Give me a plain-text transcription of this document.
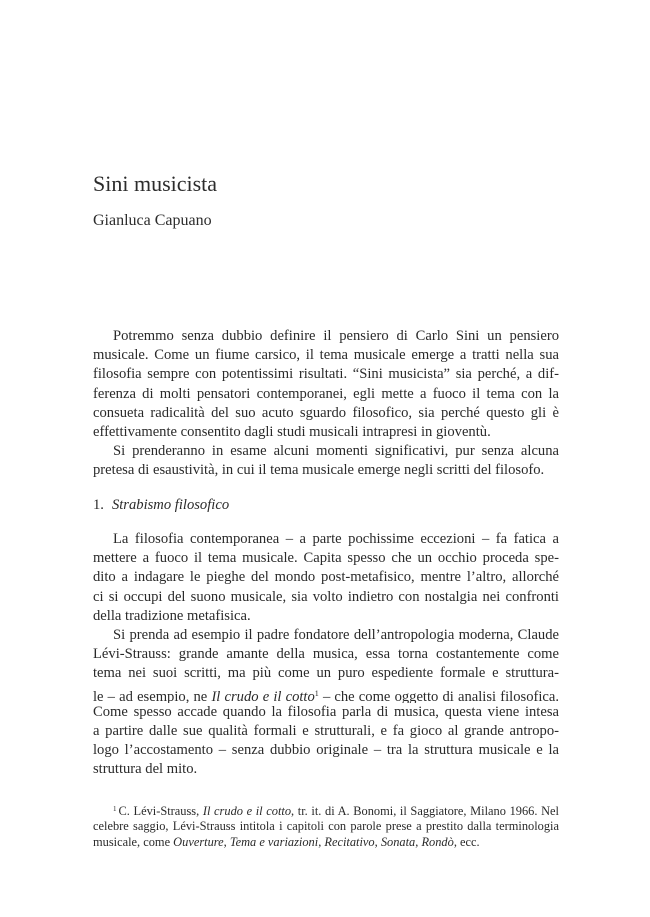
Sini musicista
Gianluca Capuano
Potremmo senza dubbio definire il pensiero di Carlo Sini un pensiero
musicale. Come un fiume carsico, il tema musicale emerge a tratti nella sua
filosofia sempre con potentissimi risultati. “Sini musicista” sia perché, a dif-
ferenza di molti pensatori contemporanei, egli mette a fuoco il tema con la
consueta radicalità del suo acuto sguardo filosofico, sia perché questo gli è
effettivamente consentito dagli studi musicali intrapresi in gioventù.
Si prenderanno in esame alcuni momenti significativi, pur senza alcuna
pretesa di esaustività, in cui il tema musicale emerge negli scritti del filosofo.
1. Strabismo filosofico
La filosofia contemporanea – a parte pochissime eccezioni – fa fatica a
mettere a fuoco il tema musicale. Capita spesso che un occhio proceda spe-
dito a indagare le pieghe del mondo post-metafisico, mentre l’altro, allorché
ci si occupi del suono musicale, sia volto indietro con nostalgia nei confronti
della tradizione metafisica.
Si prenda ad esempio il padre fondatore dell’antropologia moderna, Claude
Lévi-Strauss: grande amante della musica, essa torna costantemente come
tema nei suoi scritti, ma più come un puro espediente formale e struttura-
le – ad esempio, ne Il crudo e il cotto$^1$ – che come oggetto di analisi filosofica.
Come spesso accade quando la filosofia parla di musica, questa viene intesa
a partire dalle sue qualità formali e strutturali, e fa gioco al grande antropo-
logo l’accostamento – senza dubbio originale – tra la struttura musicale e la
struttura del mito.
$^1$ C. Lévi-Strauss, Il crudo e il cotto, tr. it. di A. Bonomi, il Saggiatore, Milano 1966. Nel
celebre saggio, Lévi-Strauss intitola i capitoli con parole prese a prestito dalla terminologia
musicale, come Ouverture, Tema e variazioni, Recitativo, Sonata, Rondò, ecc.
